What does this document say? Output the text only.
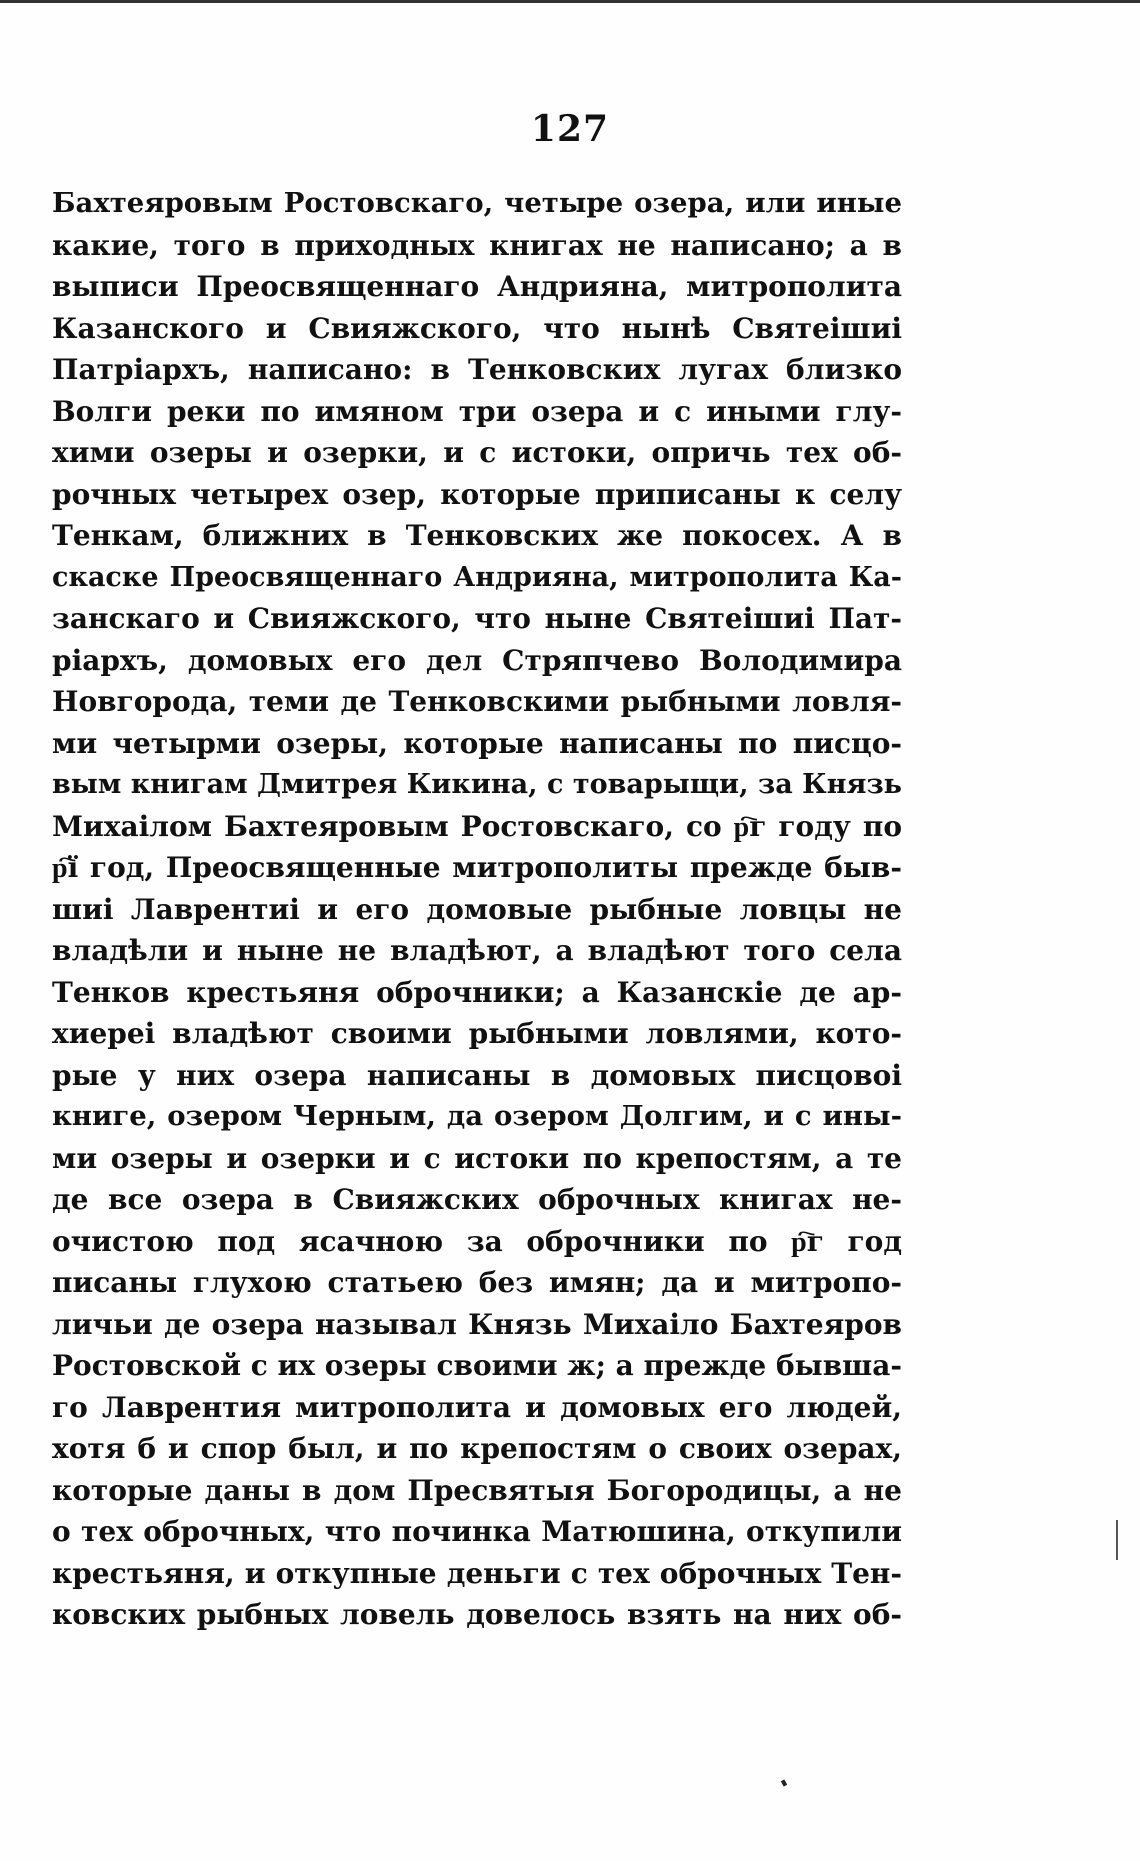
127
Бахтеяровым Ростовскаго, четыре озера, или иные
какие, того в приходных книгах не написано; а в
выписи Преосвященнаго Андрияна, митрополита
Казанского и Свияжского, что нынѣ Святеішиі
Патріархъ, написано: в Тенковских лугах близко
Волги реки по имяном три озера и с иными глу-
хими озеры и озерки, и с истоки, опричь тех об-
рочных четырех озер, которые приписаны к селу
Тенкам, ближних в Тенковских же покосех. А в
скаске Преосвященнаго Андрияна, митрополита Ка-
занскаго и Свияжского, что ныне Святеішиі Пат-
ріархъ, домовых его дел Стряпчево Володимира
Новгорода, теми де Тенковскими рыбными ловля-
ми четырми озеры, которые написаны по писцо-
вым книгам Дмитрея Кикина, с товарыщи, за Князь
Михаілом Бахтеяровым Ростовскаго, со р҇г году по
р҇ї год, Преосвященные митрополиты прежде быв-
шиі Лаврентиі и его домовые рыбные ловцы не
владѣли и ныне не владѣют, а владѣют того села
Тенков крестьяня оброчники; а Казанскіе де ар-
хиереі владѣют своими рыбными ловлями, кото-
рые у них озера написаны в домовых писцовоі
книге, озером Черным, да озером Долгим, и с ины-
ми озеры и озерки и с истоки по крепостям, а те
де все озера в Свияжских оброчных книгах не-
очистою под ясачною за оброчники по р҇г год
писаны глухою статьею без имян; да и митропо-
личьи де озера называл Князь Михаіло Бахтеяров
Ростовской с их озеры своими ж; а прежде бывша-
го Лаврентия митрополита и домовых его людей,
хотя б и спор был, и по крепостям о своих озерах,
которые даны в дом Пресвятыя Богородицы, а не
о тех оброчных, что починка Матюшина, откупили
крестьяня, и откупные деньги с тех оброчных Тен-
ковских рыбных ловель довелось взять на них об-
